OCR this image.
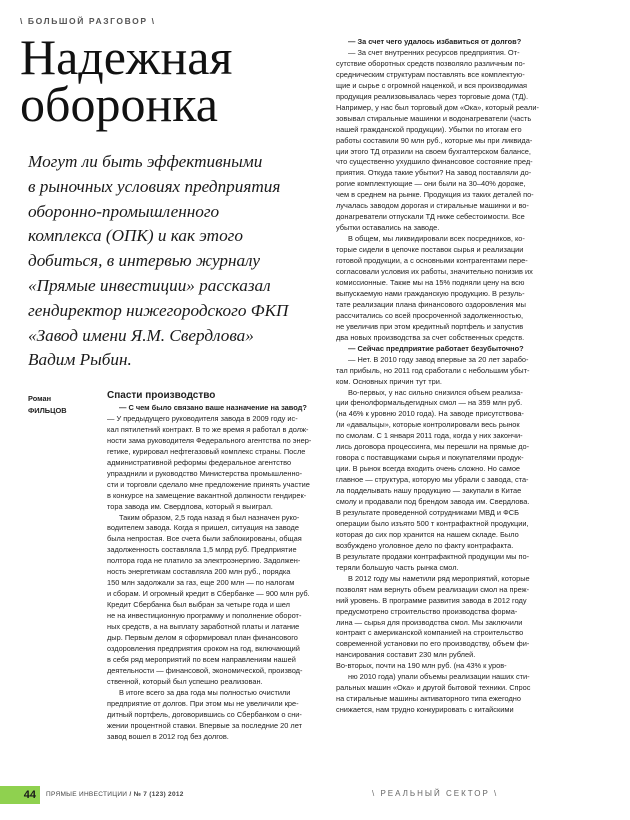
\ БОЛЬШОЙ РАЗГОВОР \
Надежная
оборонка
Могут ли быть эффективными
в рыночных условиях предприятия
оборонно-промышленного
комплекса (ОПК) и как этого
добиться, в интервью журналу
«Прямые инвестиции» рассказал
гендиректор нижегородского ФКП
«Завод имени Я.М. Свердлова»
Вадим Рыбин.
Роман
ФИЛЬЦОВ
Спасти производство
— С чем было связано ваше назначение на завод?
— У предыдущего руководителя завода в 2009 году ис-
кал пятилетний контракт. В то же время я работал в долж-
ности зама руководителя Федерального агентства по энер-
гетике, курировал нефтегазовый комплекс страны. После
административной реформы федеральное агентство
упразднили и руководство Министерства промышленно-
сти и торговли сделало мне предложение принять участие
в конкурсе на замещение вакантной должности гендирек-
тора завода им. Свердлова, который я выиграл.
Таким образом, 2,5 года назад я был назначен руко-
водителем завода. Когда я пришел, ситуация на заводе
была непростая. Все счета были заблокированы, общая
задолженность составляла 1,5 млрд руб. Предприятие
полтора года не платило за электроэнергию. Задолжен-
ность энергетикам составляла 200 млн руб., порядка
150 млн задолжали за газ, еще 200 млн — по налогам
и сборам. И огромный кредит в Сбербанке — 900 млн руб.
Кредит Сбербанка был выбран за четыре года и шел
не на инвестиционную программу и пополнение оборот-
ных средств, а на выплату заработной платы и латание
дыр. Первым делом я сформировал план финансового
оздоровления предприятия сроком на год, включающий
в себя ряд мероприятий по всем направлениям нашей
деятельности — финансовой, экономической, производ-
ственной, который был успешно реализован.
В итоге всего за два года мы полностью очистили
предприятие от долгов. При этом мы не увеличили кре-
дитный портфель, договорившись со Сбербанком о сни-
жении процентной ставки. Впервые за последние 20 лет
завод вошел в 2012 год без долгов.
— За счет чего удалось избавиться от долгов?
— За счет внутренних ресурсов предприятия. От-
сутствие оборотных средств позволяло различным по-
средническим структурам поставлять все комплектую-
щие и сырье с огромной наценкой, и вся производимая
продукция реализовывалась через торговые дома (ТД).
Например, у нас был торговый дом «Ока», который реали-
зовывал стиральные машинки и водонагреватели (часть
нашей гражданской продукции). Убытки по итогам его
работы составили 90 млн руб., которые мы при ликвида-
ции этого ТД отразили на своем бухгалтерском балансе,
что существенно ухудшило финансовое состояние пред-
приятия. Откуда такие убытки? На завод поставляли до-
рогие комплектующие — они были на 30–40% дороже,
чем в среднем на рынке. Продукция из таких деталей по-
лучалась заводом дорогая и стиральные машинки и во-
донагреватели отпускали ТД ниже себестоимости. Все
убытки оставались на заводе.
В общем, мы ликвидировали всех посредников, ко-
торые сидели в цепочке поставок сырья и реализации
готовой продукции, а с основными контрагентами пере-
согласовали условия их работы, значительно понизив их
комиссионные. Также мы на 15% подняли цену на всю
выпускаемую нами гражданскую продукцию. В резуль-
тате реализации плана финансового оздоровления мы
рассчитались со всей просроченной задолженностью,
не увеличив при этом кредитный портфель и запустив
два новых производства за счет собственных средств.
— Сейчас предприятие работает безубыточно?
— Нет. В 2010 году завод впервые за 20 лет зарабо-
тал прибыль, но 2011 год сработали с небольшим убыт-
ком. Основных причин тут три.
Во-первых, у нас сильно снизился объем реализа-
ции фенолформальдегидных смол — на 359 млн руб.
(на 46% к уровню 2010 года). На заводе присутствова-
ли «давальцы», которые контролировали весь рынок
по смолам. С 1 января 2011 года, когда у них закончи-
лись договора процессинга, мы перешли на прямые до-
говора с поставщиками сырья и покупателями продук-
ции. В рынок всегда входить очень сложно. Но самое
главное — структура, которую мы убрали с завода, ста-
ла подделывать нашу продукцию — закупали в Китае
смолу и продавали под брендом завода им. Свердлова.
В результате проведенной сотрудниками МВД и ФСБ
операции было изъято 500 т контрафактной продукции,
которая до сих пор хранится на нашем складе. Было
возбуждено уголовное дело по факту контрафакта.
В результате продажи контрафактной продукции мы по-
теряли большую часть рынка смол.
В 2012 году мы наметили ряд мероприятий, которые
позволят нам вернуть объем реализации смол на преж-
ний уровень. В программе развития завода в 2012 году
предусмотрено строительство производства форма-
лина — сырья для производства смол. Мы заключили
контракт с американской компанией на строительство
современной установки по его производству, объем фи-
нансирования составит 230 млн рублей.
Во-вторых, почти на 190 млн руб. (на 43% к уров-
ню 2010 года) упали объемы реализации наших сти-
ральных машин «Ока» и другой бытовой техники. Спрос
на стиральные машины активаторного типа ежегодно
снижается, нам трудно конкурировать с китайскими
44	ПРЯМЫЕ ИНВЕСТИЦИИ / № 7 (123) 2012	\ РЕАЛЬНЫЙ СЕКТОР \
